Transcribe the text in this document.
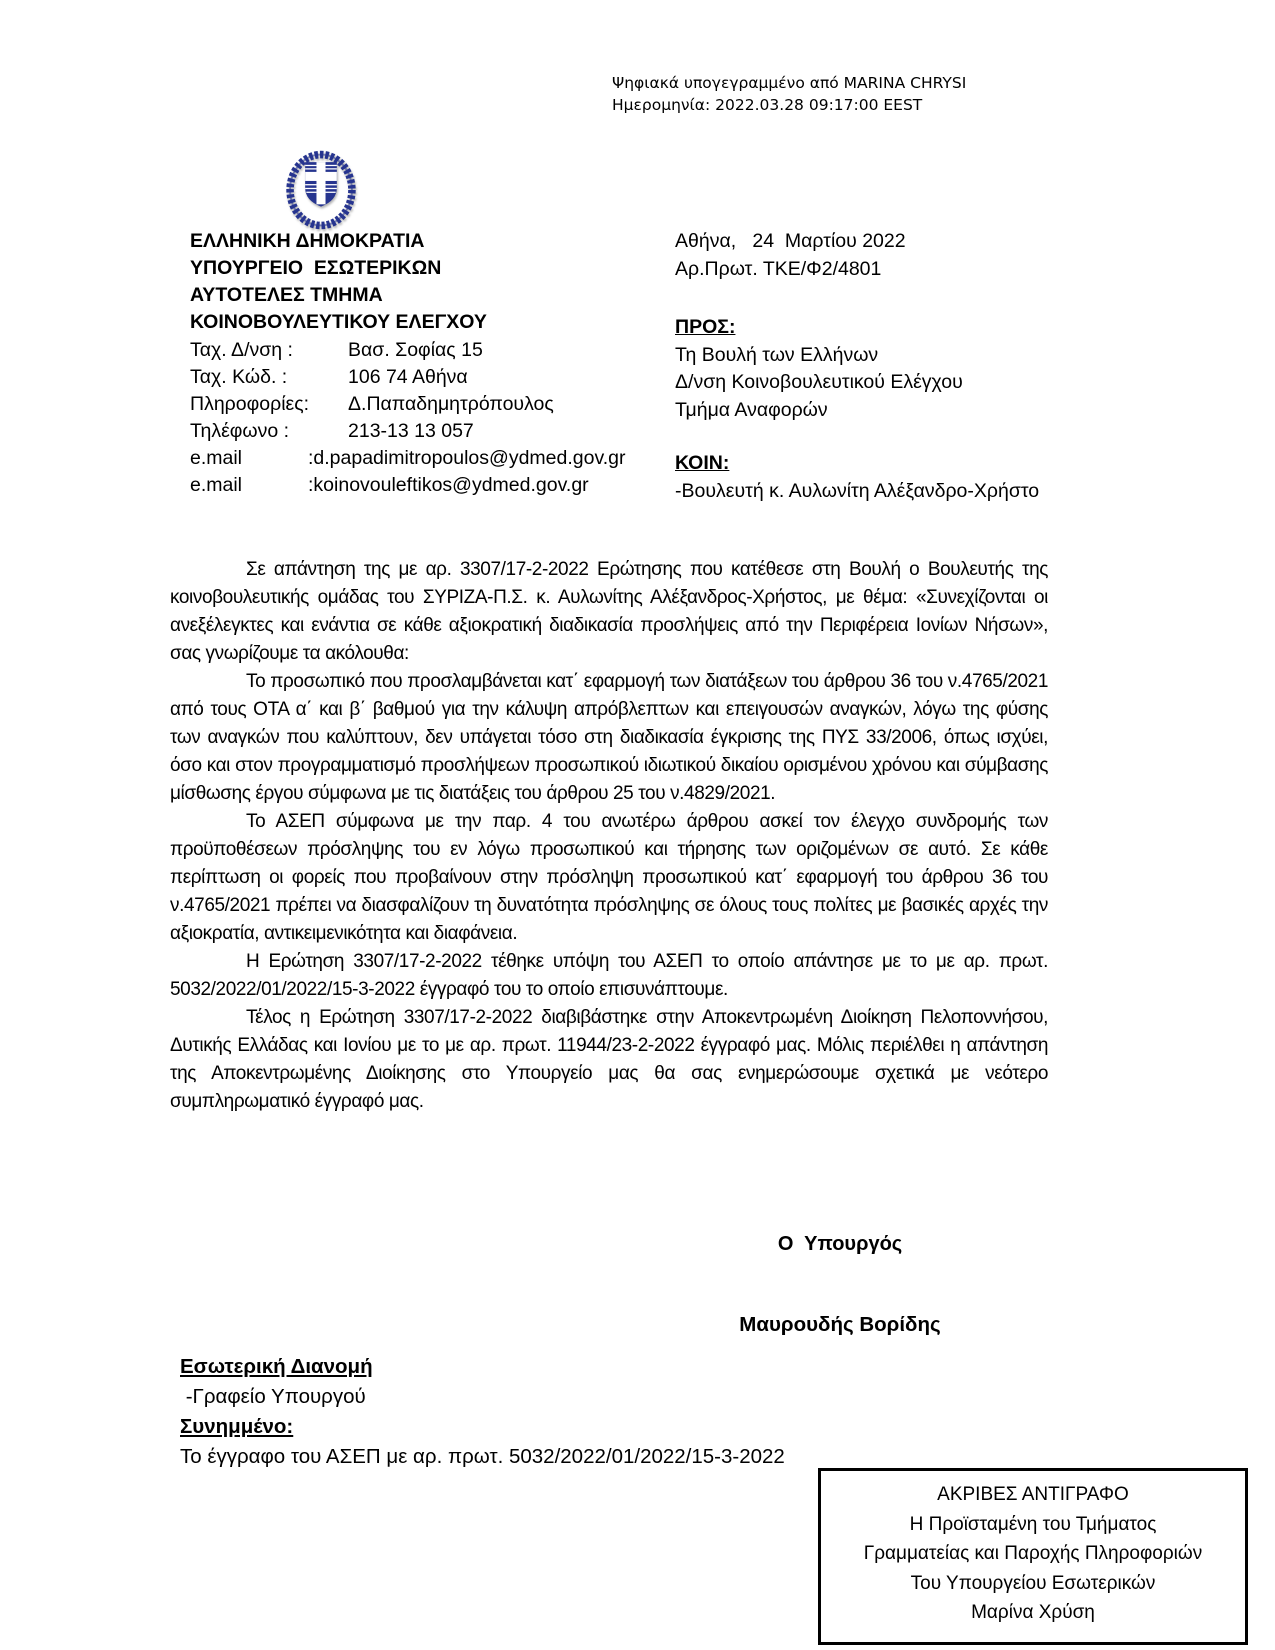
Ψηφιακά υπογεγραμμένο από MARINA CHRYSI
Ημερομηνία: 2022.03.28 09:17:00 EEST
ΕΛΛΗΝΙΚΗ ΔΗΜΟΚΡΑΤΙΑ
ΥΠΟΥΡΓΕΙΟ  ΕΣΩΤΕΡΙΚΩΝ
ΑΥΤΟΤΕΛΕΣ ΤΜΗΜΑ
ΚΟΙΝΟΒΟΥΛΕΥΤΙΚΟΥ ΕΛΕΓΧΟΥ
Ταχ. Δ/νση :	Βασ. Σοφίας 15
Ταχ. Κώδ. :	106 74 Αθήνα
Πληροφορίες:	Δ.Παπαδημητρόπουλος
Τηλέφωνο :	213-13 13 057
e.mail	:d.papadimitropoulos@ydmed.gov.gr
e.mail	:koinovouleftikos@ydmed.gov.gr
Αθήνα,   24  Μαρτίου 2022
Αρ.Πρωτ. ΤΚΕ/Φ2/4801
ΠΡΟΣ:
Τη Βουλή των Ελλήνων
Δ/νση Κοινοβουλευτικού Ελέγχου
Τμήμα Αναφορών
ΚΟΙΝ:
-Βουλευτή κ. Αυλωνίτη Αλέξανδρο-Χρήστο

Σε απάντηση της με αρ. 3307/17-2-2022 Ερώτησης που κατέθεσε στη Βουλή ο Βουλευτής της κοινοβουλευτικής ομάδας του ΣΥΡΙΖΑ-Π.Σ. κ. Αυλωνίτης Αλέξανδρος-Χρήστος, με θέμα: «Συνεχίζονται οι ανεξέλεγκτες και ενάντια σε κάθε αξιοκρατική διαδικασία προσλήψεις από την Περιφέρεια Ιονίων Νήσων», σας γνωρίζουμε τα ακόλουθα:

Το προσωπικό που προσλαμβάνεται κατ΄ εφαρμογή των διατάξεων του άρθρου 36 του ν.4765/2021 από τους ΟΤΑ α΄ και β΄ βαθμού για την κάλυψη απρόβλεπτων και επειγουσών αναγκών, λόγω της φύσης των αναγκών που καλύπτουν, δεν υπάγεται τόσο στη διαδικασία έγκρισης της ΠΥΣ 33/2006, όπως ισχύει, όσο και στον προγραμματισμό προσλήψεων προσωπικού ιδιωτικού δικαίου ορισμένου χρόνου και σύμβασης μίσθωσης έργου σύμφωνα με τις διατάξεις του άρθρου 25 του ν.4829/2021.

Το ΑΣΕΠ σύμφωνα με την παρ. 4 του ανωτέρω άρθρου ασκεί τον έλεγχο συνδρομής των προϋποθέσεων πρόσληψης του εν λόγω προσωπικού και τήρησης των οριζομένων σε αυτό. Σε κάθε περίπτωση οι φορείς που προβαίνουν στην πρόσληψη προσωπικού κατ΄ εφαρμογή του άρθρου 36 του ν.4765/2021 πρέπει να διασφαλίζουν τη δυνατότητα πρόσληψης σε όλους τους πολίτες με βασικές αρχές την αξιοκρατία, αντικειμενικότητα και διαφάνεια.

Η Ερώτηση 3307/17-2-2022 τέθηκε υπόψη του ΑΣΕΠ το οποίο απάντησε με το με αρ. πρωτ. 5032/2022/01/2022/15-3-2022 έγγραφό του το οποίο επισυνάπτουμε.

Τέλος η Ερώτηση 3307/17-2-2022 διαβιβάστηκε στην Αποκεντρωμένη Διοίκηση Πελοποννήσου, Δυτικής Ελλάδας και Ιονίου με το με αρ. πρωτ. 11944/23-2-2022 έγγραφό μας. Μόλις περιέλθει η απάντηση της Αποκεντρωμένης Διοίκησης στο Υπουργείο μας θα σας ενημερώσουμε σχετικά με νεότερο συμπληρωματικό έγγραφό μας.

Ο  Υπουργός
Μαυρουδής Βορίδης
Εσωτερική Διανομή
-Γραφείο Υπουργού
Συνημμένο:
Το έγγραφο του ΑΣΕΠ με αρ. πρωτ. 5032/2022/01/2022/15-3-2022
ΑΚΡΙΒΕΣ ΑΝΤΙΓΡΑΦΟ
Η Προϊσταμένη του Τμήματος
Γραμματείας και Παροχής Πληροφοριών
Του Υπουργείου Εσωτερικών
Μαρίνα Χρύση
